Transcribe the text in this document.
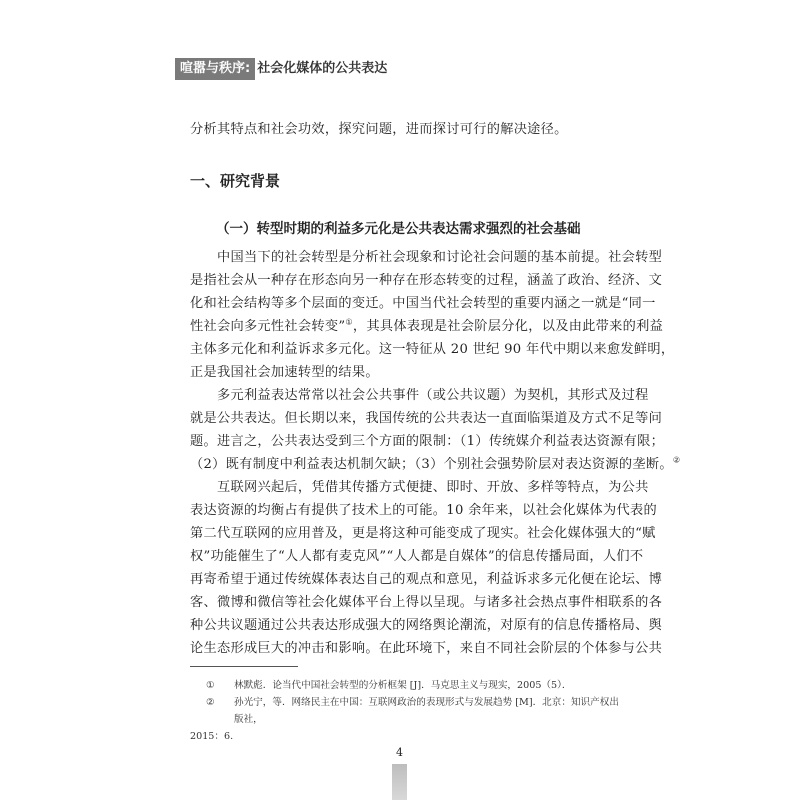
喧嚣与秩序: 社会化媒体的公共表达
分析其特点和社会功效，探究问题，进而探讨可行的解决途径。
一、研究背景
（一）转型时期的利益多元化是公共表达需求强烈的社会基础
中国当下的社会转型是分析社会现象和讨论社会问题的基本前提。社会转型
是指社会从一种存在形态向另一种存在形态转变的过程，涵盖了政治、经济、文
化和社会结构等多个层面的变迁。中国当代社会转型的重要内涵之一就是“同一
性社会向多元性社会转变”①，其具体表现是社会阶层分化，以及由此带来的利益
主体多元化和利益诉求多元化。这一特征从 20 世纪 90 年代中期以来愈发鲜明，
正是我国社会加速转型的结果。
多元利益表达常常以社会公共事件（或公共议题）为契机，其形式及过程
就是公共表达。但长期以来，我国传统的公共表达一直面临渠道及方式不足等问
题。进言之，公共表达受到三个方面的限制：（1）传统媒介利益表达资源有限；
（2）既有制度中利益表达机制欠缺；（3）个别社会强势阶层对表达资源的垄断。②
互联网兴起后，凭借其传播方式便捷、即时、开放、多样等特点，为公共
表达资源的均衡占有提供了技术上的可能。10 余年来，以社会化媒体为代表的
第二代互联网的应用普及，更是将这种可能变成了现实。社会化媒体强大的“赋
权”功能催生了“人人都有麦克风”“人人都是自媒体”的信息传播局面，人们不
再寄希望于通过传统媒体表达自己的观点和意见，利益诉求多元化便在论坛、博
客、微博和微信等社会化媒体平台上得以呈现。与诸多社会热点事件相联系的各
种公共议题通过公共表达形成强大的网络舆论潮流，对原有的信息传播格局、舆
论生态形成巨大的冲击和影响。在此环境下，来自不同社会阶层的个体参与公共
①	林默彪．论当代中国社会转型的分析框架 [J]．马克思主义与现实，2005（5）．
②	孙光宁，等．网络民主在中国：互联网政治的表现形式与发展趋势 [M]．北京：知识产权出版社，
2015：6.
4
